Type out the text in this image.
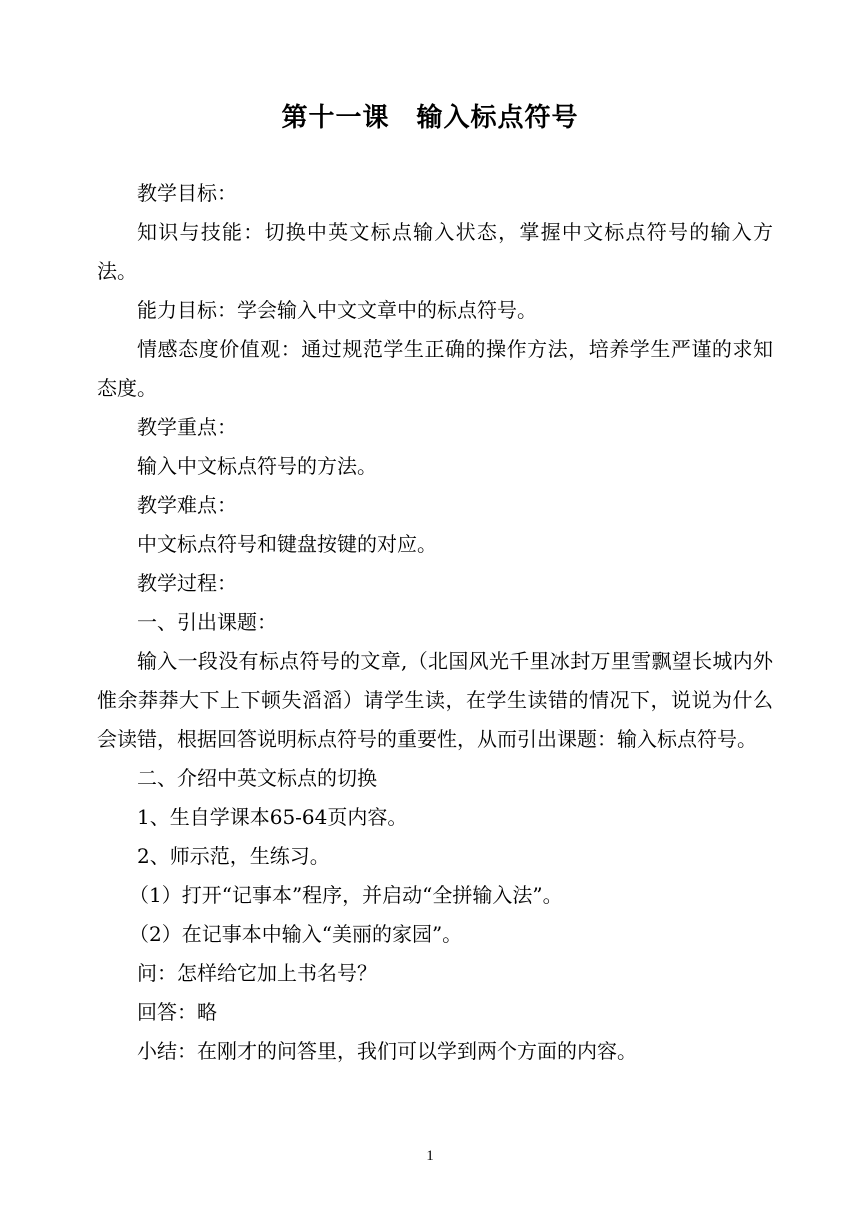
第十一课　输入标点符号

教学目标：

知识与技能：切换中英文标点输入状态，掌握中文标点符号的输入方法。

能力目标：学会输入中文文章中的标点符号。

情感态度价值观：通过规范学生正确的操作方法，培养学生严谨的求知态度。

教学重点：

输入中文标点符号的方法。

教学难点：

中文标点符号和键盘按键的对应。

教学过程：

一、引出课题：

输入一段没有标点符号的文章,（北国风光千里冰封万里雪飘望长城内外惟余莽莽大下上下顿失滔滔）请学生读，在学生读错的情况下，说说为什么会读错，根据回答说明标点符号的重要性，从而引出课题：输入标点符号。

二、介绍中英文标点的切换

1、生自学课本65-64页内容。

2、师示范，生练习。

（1）打开“记事本”程序，并启动“全拼输入法”。

（2）在记事本中输入“美丽的家园”。

问：怎样给它加上书名号？

回答：略

小结：在刚才的问答里，我们可以学到两个方面的内容。

1
